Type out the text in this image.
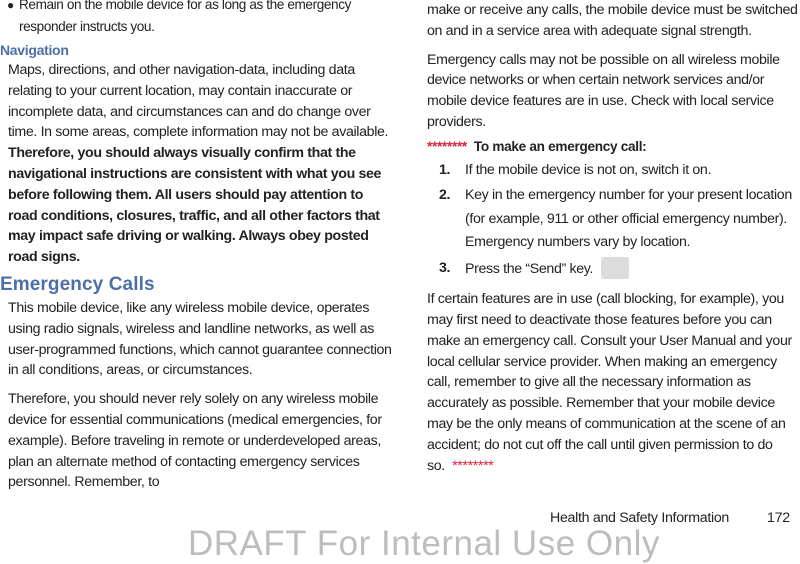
● Remain on the mobile device for as long as the emergency responder instructs you.
Navigation

Maps, directions, and other navigation-data, including data relating to your current location, may contain inaccurate or incomplete data, and circumstances can and do change over time. In some areas, complete information may not be available. Therefore, you should always visually confirm that the navigational instructions are consistent with what you see before following them. All users should pay attention to road conditions, closures, traffic, and all other factors that may impact safe driving or walking. Always obey posted road signs.

Emergency Calls

This mobile device, like any wireless mobile device, operates using radio signals, wireless and landline networks, as well as user-programmed functions, which cannot guarantee connection in all conditions, areas, or circumstances.

Therefore, you should never rely solely on any wireless mobile device for essential communications (medical emergencies, for example). Before traveling in remote or underdeveloped areas, plan an alternate method of contacting emergency services personnel. Remember, to

make or receive any calls, the mobile device must be switched on and in a service area with adequate signal strength.

Emergency calls may not be possible on all wireless mobile device networks or when certain network services and/or mobile device features are in use. Check with local service providers.

******** To make an emergency call:
1. If the mobile device is not on, switch it on.
2. Key in the emergency number for your present location (for example, 911 or other official emergency number). Emergency numbers vary by location.
3. Press the “Send” key.

If certain features are in use (call blocking, for example), you may first need to deactivate those features before you can make an emergency call. Consult your User Manual and your local cellular service provider. When making an emergency call, remember to give all the necessary information as accurately as possible. Remember that your mobile device may be the only means of communication at the scene of an accident; do not cut off the call until given permission to do so. ********

Health and Safety Information	172
DRAFT For Internal Use Only
